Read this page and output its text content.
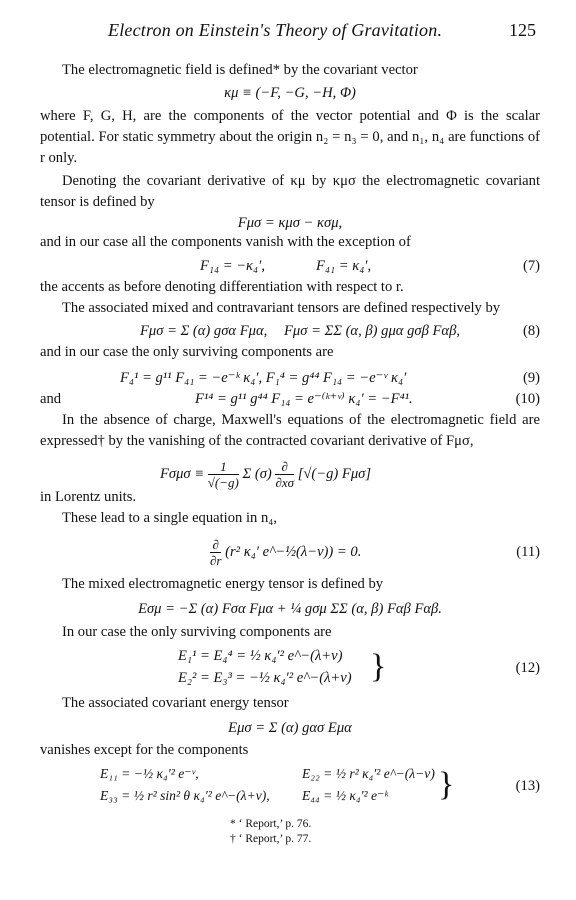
Electron on Einstein's Theory of Gravitation.	125
The electromagnetic field is defined* by the covariant vector
κμ ≡ (−F, −G, −H, Φ)
where F, G, H, are the components of the vector potential and Φ is the scalar potential. For static symmetry about the origin n₂ = n₃ = 0, and n₁, n₄ are functions of r only.
Denoting the covariant derivative of κμ by κμσ the electromagnetic covariant tensor is defined by
Fμσ = κμσ − κσμ,
and in our case all the components vanish with the exception of
F₁₄ = −κ₄′,	F₄₁ = κ₄′,	(7)
the accents as before denoting differentiation with respect to r.
The associated mixed and contravariant tensors are defined respectively by
Fμσ = Σ (α) gσα Fμα, Fμσ = ΣΣ (α, β) gμα gσβ Fαβ,	(8)
and in our case the only surviving components are
F₄¹ = g¹¹ F₄₁ = −e⁻ᵏ κ₄′, F₁⁴ = g⁴⁴ F₁₄ = −e⁻ᵛ κ₄′	(9)
and	F¹⁴ = g¹¹ g⁴⁴ F₁₄ = e⁻⁽ᵏ⁺ᵛ⁾ κ₄′ = −F⁴¹.	(10)
In the absence of charge, Maxwell's equations of the electromagnetic field are expressed† by the vanishing of the contracted covariant derivative of Fμσ,
$F\sigma\mu\sigma \equiv \frac{1}{√(-g)}$ Σ $(\sigma) \frac{\partial}{\partial x\sigma} [√(-g)$ Fμσ]
in Lorentz units.
These lead to a single equation in n₄,
$\frac{\partial}{\partial r} (r^2$ κ₄′ e^−½(λ−ν)) = 0.	(11)
The mixed electromagnetic energy tensor is defined by
Eσμ = −Σ (α) Fσα Fμα + ¼ gσμ ΣΣ (α, β) Fαβ Fαβ.
In our case the only surviving components are
E₁¹ = E₄⁴ = ½ κ₄′² e^−(λ+ν)
E₂² = E₃³ = −½ κ₄′² e^−(λ+ν) }	(12)
The associated covariant energy tensor
Eμσ = Σ (α) gασ Eμα
vanishes except for the components
E₁₁ = −½ κ₄′² e⁻ᵛ,	E₂₂ = ½ r² κ₄′² e^−(λ−ν)
E₃₃ = ½ r² sin² θ κ₄′² e^−(λ+ν), E₄₄ = ½ κ₄′² e⁻ᵏ }	(13)
* ‘ Report,’ p. 76.
† ‘ Report,’ p. 77.
